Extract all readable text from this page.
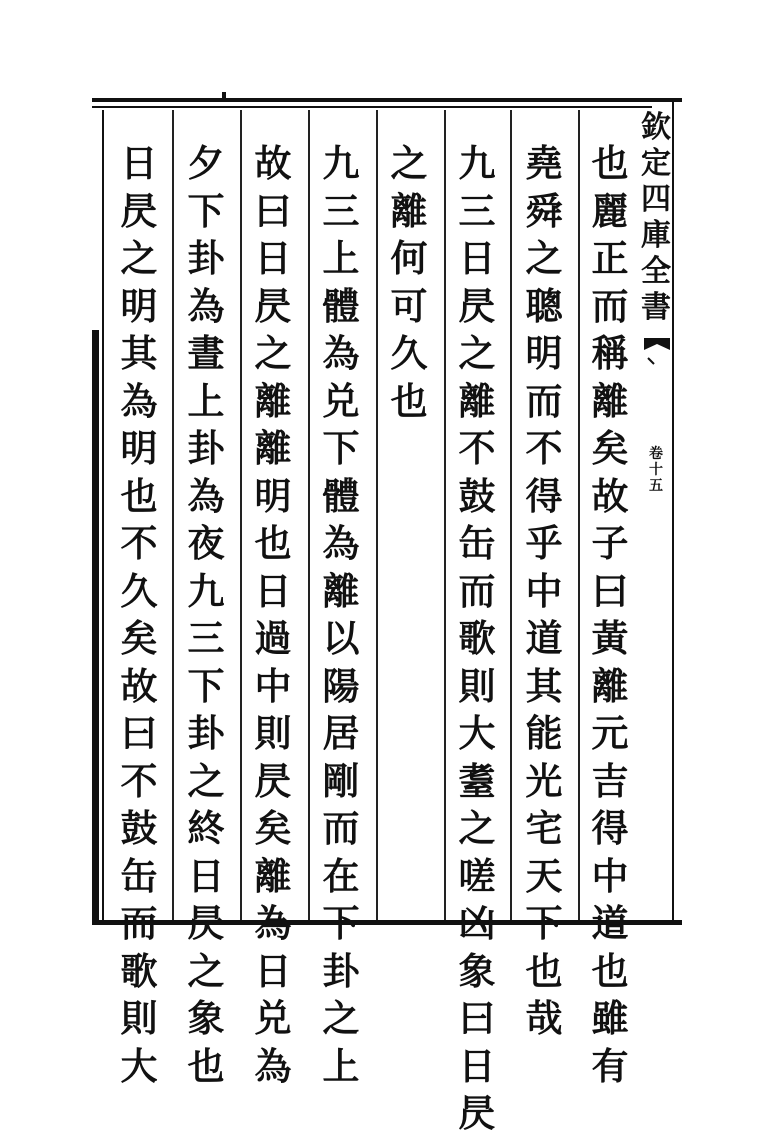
欽
定
四
庫
全
書
卷
十
五
也
麗
正
而
稱
離
矣
故
子
曰
黃
離
元
吉
得
中
道
也
雖
有
堯
舜
之
聰
明
而
不
得
乎
中
道
其
能
光
宅
天
下
也
哉
九
三
日
昃
之
離
不
鼓
缶
而
歌
則
大
耋
之
嗟
凶
象
曰
日
昃
之
離
何
可
久
也
九
三
上
體
為
兑
下
體
為
離
以
陽
居
剛
而
在
下
卦
之
上
故
曰
日
昃
之
離
離
明
也
日
過
中
則
昃
矣
離
為
日
兑
為
夕
下
卦
為
晝
上
卦
為
夜
九
三
下
卦
之
終
日
昃
之
象
也
日
昃
之
明
其
為
明
也
不
久
矣
故
曰
不
鼓
缶
而
歌
則
大
